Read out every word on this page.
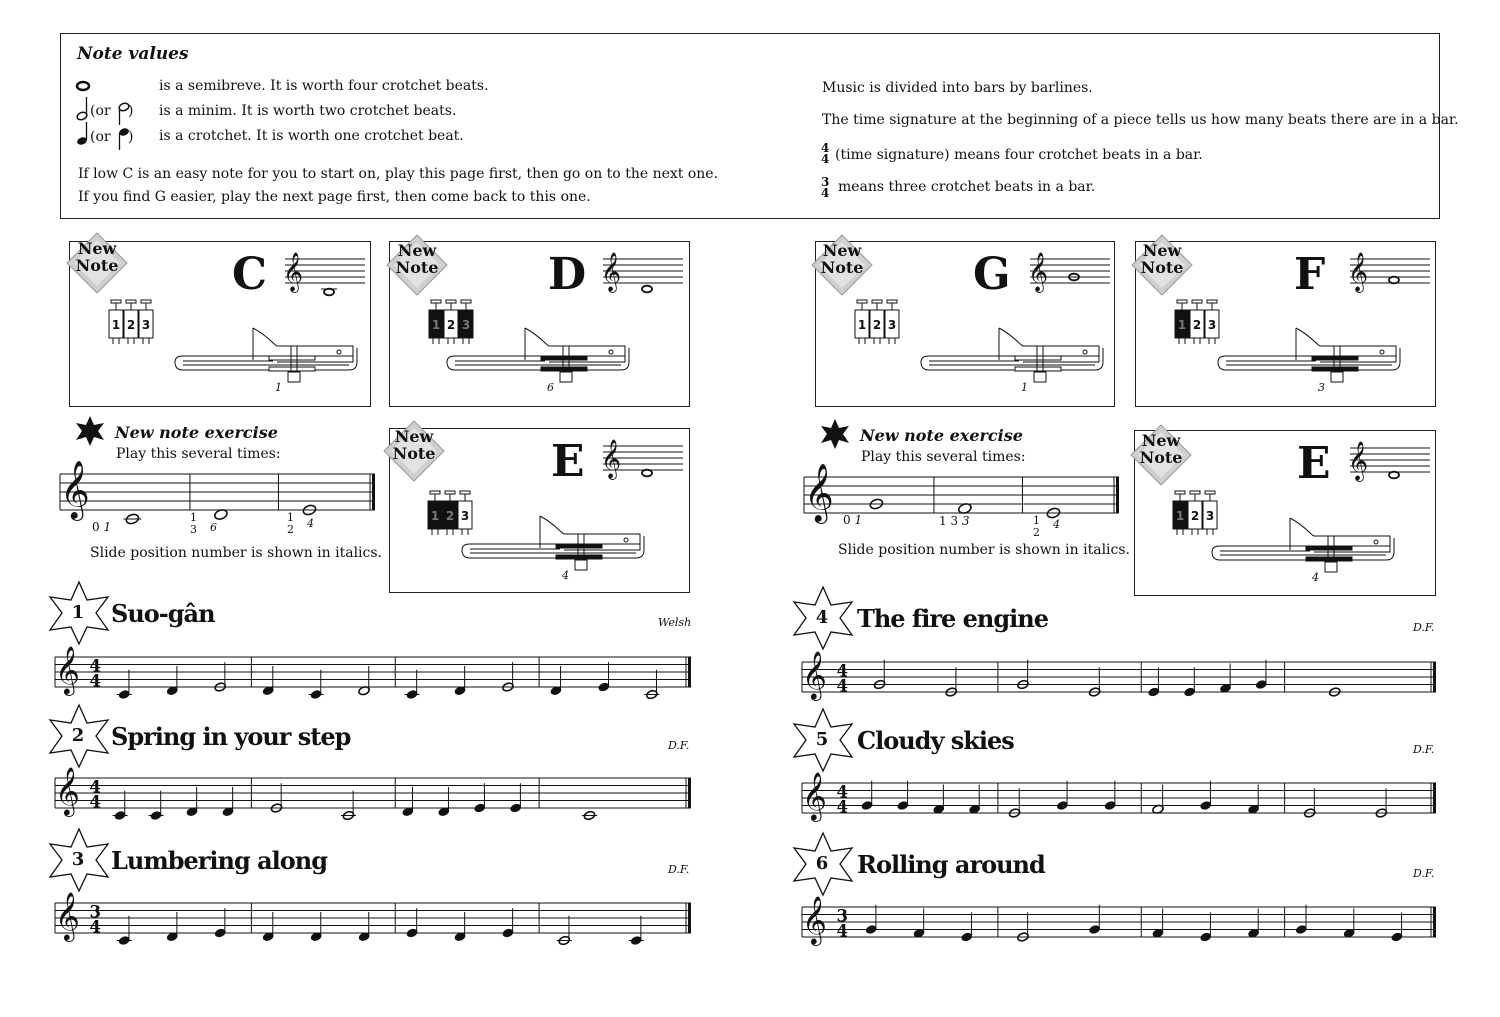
Note values
(or )
(or )
is a semibreve. It is worth four crotchet beats.
is a minim. It is worth two crotchet beats.
is a crotchet. It is worth one crotchet beat.
If low C is an easy note for you to start on, play this page first, then go on to the next one.
If you find G easier, play the next page first, then come back to this one.
Music is divided into bars by barlines.
The time signature at the beginning of a piece tells us how many beats there are in a bar.
4
4 (time signature) means four crotchet beats in a bar.
3
4 means three crotchet beats in a bar.
New
Note	C 𝄞
1 2 3
1
New
Note D 𝄞
1 2 3
6
New
Note	E 𝄞
1 2 3
4
New
Note G 𝄞
1 2 3
1
New
Note	F 𝄞
1 2 3
3
New
Note	E 𝄞
1 2 3
4
New note exercise
Play this several times:
Slide position number is shown in italics.
New note exercise
Play this several times:
Slide position number is shown in italics.
0 1
1
3 6
1
2 4	0 1	1 3 3	1
2
4
𝄞	𝄞
1 Suo-gân	Welsh
𝄞 4
4
2 Spring in your step	D.F.
𝄞 4
4
3 Lumbering along	D.F.
𝄞 3
4
4 The fire engine	D.F.
𝄞 4
4
5 Cloudy skies	D.F.
𝄞 4
4
6 Rolling around	D.F.
𝄞 3
4
